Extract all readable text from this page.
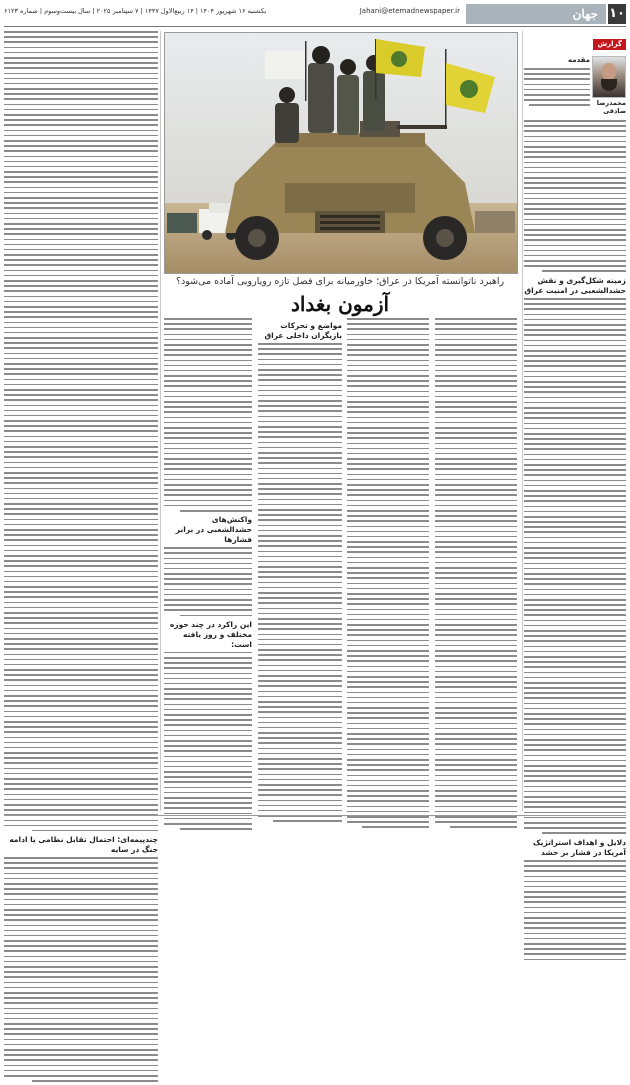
۱۰
جهان
Jahani@etemadnewspaper.ir
یکشنبه ۱۶ شهریور ۱۴۰۴ | ۱۴ ربیع‌الاول ۱۴۴۷ | ۷ سپتامبر ۲۰۲۵ | سال بیست‌وسوم | شماره ۶۱۲۳
گزارش
محمدرضا صادقی
مقدمه
زمینه شکل‌گیری و نقش حشدالشعبی در امنیت عراق
دلایل و اهداف استراتژیک آمریکا در فشار بر حشد
راهبرد ناتوانسته آمریکا در عراق؛ خاورمیانه برای فصل تازه رویارویی آماده می‌شود؟
آزمون بغداد
مواضع و تحرکات بازیگران داخلی عراق
واکنش‌های حشدالشعبی در برابر فشارها
این راکرد در چند حوزه مختلف و روز یافته است:
چندپیمه‌ای: احتمال تقابل نظامی یا ادامه جنگ در سایه
